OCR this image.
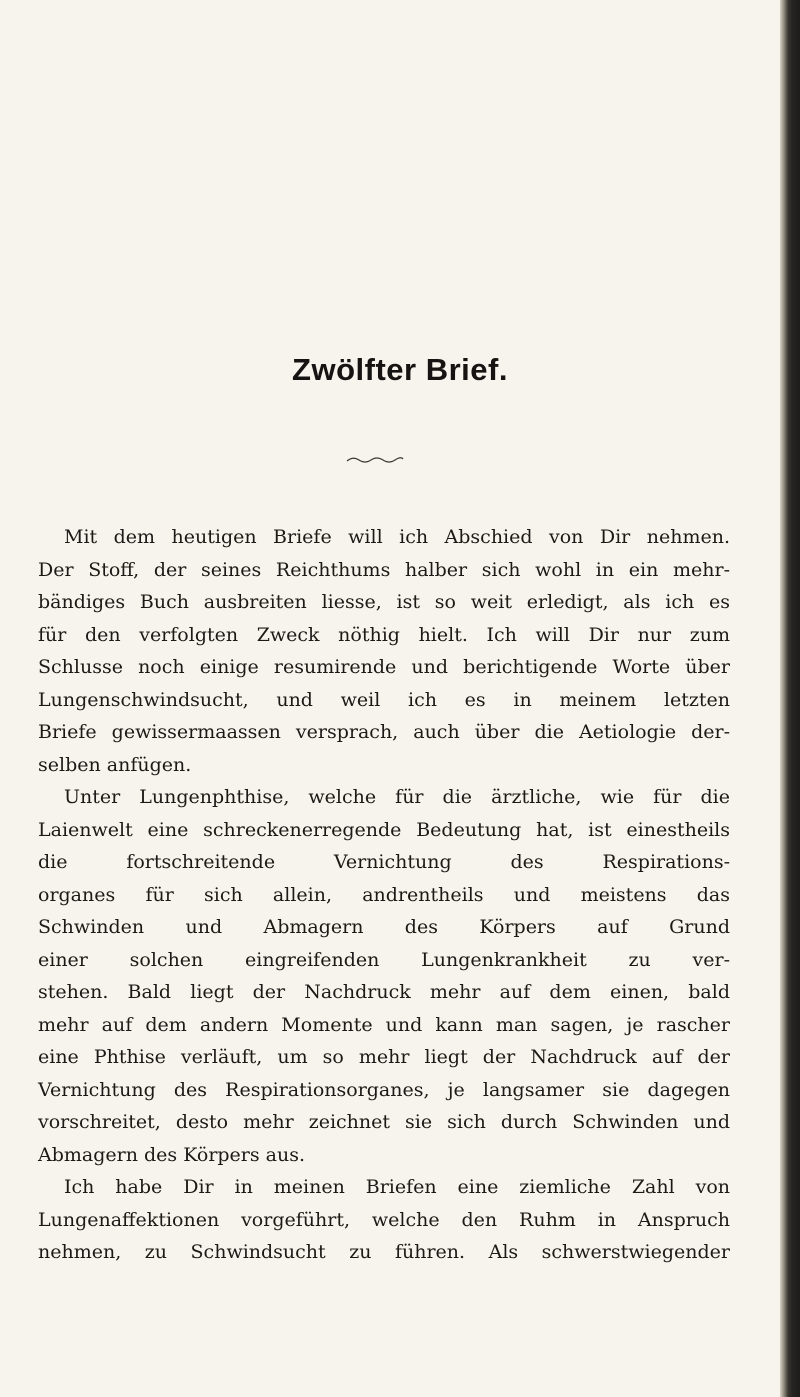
Zwölfter Brief.
Mit dem heutigen Briefe will ich Abschied von Dir nehmen.
Der Stoff, der seines Reichthums halber sich wohl in ein mehr-
bändiges Buch ausbreiten liesse, ist so weit erledigt, als ich es
für den verfolgten Zweck nöthig hielt. Ich will Dir nur zum
Schlusse noch einige resumirende und berichtigende Worte über
Lungenschwindsucht, und weil ich es in meinem letzten
Briefe gewissermaassen versprach, auch über die Aetiologie der-
selben anfügen.
Unter Lungenphthise, welche für die ärztliche, wie für die
Laienwelt eine schreckenerregende Bedeutung hat, ist einestheils
die fortschreitende Vernichtung des Respirations-
organes für sich allein, andrentheils und meistens das
Schwinden und Abmagern des Körpers auf Grund
einer solchen eingreifenden Lungenkrankheit zu ver-
stehen. Bald liegt der Nachdruck mehr auf dem einen, bald
mehr auf dem andern Momente und kann man sagen, je rascher
eine Phthise verläuft, um so mehr liegt der Nachdruck auf der
Vernichtung des Respirationsorganes, je langsamer sie dagegen
vorschreitet, desto mehr zeichnet sie sich durch Schwinden und
Abmagern des Körpers aus.
Ich habe Dir in meinen Briefen eine ziemliche Zahl von
Lungenaffektionen vorgeführt, welche den Ruhm in Anspruch
nehmen, zu Schwindsucht zu führen. Als schwerstwiegender
